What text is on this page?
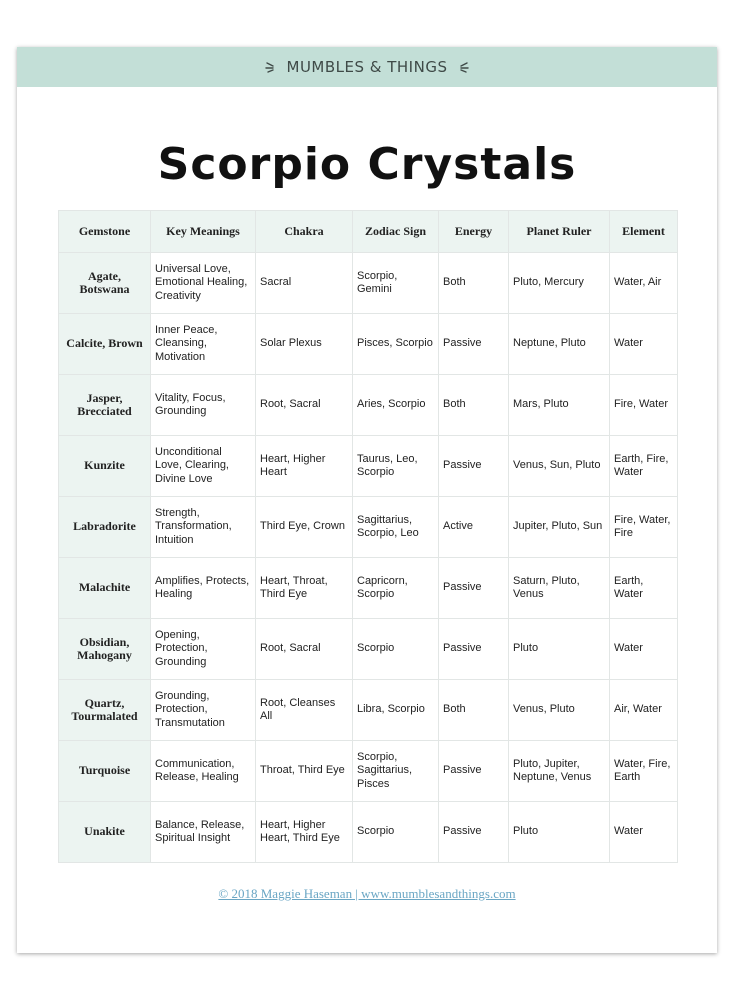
MUMBLES & THINGS
Scorpio Crystals
Gemstone	Key Meanings	Chakra	Zodiac Sign	Energy	Planet Ruler	Element
Agate, Botswana	Universal Love, Emotional Healing, Creativity	Sacral	Scorpio, Gemini	Both	Pluto, Mercury	Water, Air
Calcite, Brown	Inner Peace, Cleansing, Motivation	Solar Plexus	Pisces, Scorpio	Passive	Neptune, Pluto	Water
Jasper, Brecciated	Vitality, Focus, Grounding	Root, Sacral	Aries, Scorpio	Both	Mars, Pluto	Fire, Water
Kunzite	Unconditional Love, Clearing, Divine Love	Heart, Higher Heart	Taurus, Leo, Scorpio	Passive	Venus, Sun, Pluto	Earth, Fire, Water
Labradorite	Strength, Transformation, Intuition	Third Eye, Crown	Sagittarius, Scorpio, Leo	Active	Jupiter, Pluto, Sun	Fire, Water, Fire
Malachite	Amplifies, Protects, Healing	Heart, Throat, Third Eye	Capricorn, Scorpio	Passive	Saturn, Pluto, Venus	Earth, Water
Obsidian, Mahogany	Opening, Protection, Grounding	Root, Sacral	Scorpio	Passive	Pluto	Water
Quartz, Tourmalated	Grounding, Protection, Transmutation	Root, Cleanses All	Libra, Scorpio	Both	Venus, Pluto	Air, Water
Turquoise	Communication, Release, Healing	Throat, Third Eye	Scorpio, Sagittarius, Pisces	Passive	Pluto, Jupiter, Neptune, Venus	Water, Fire, Earth
Unakite	Balance, Release, Spiritual Insight	Heart, Higher Heart, Third Eye	Scorpio	Passive	Pluto	Water
© 2018 Maggie Haseman | www.mumblesandthings.com
